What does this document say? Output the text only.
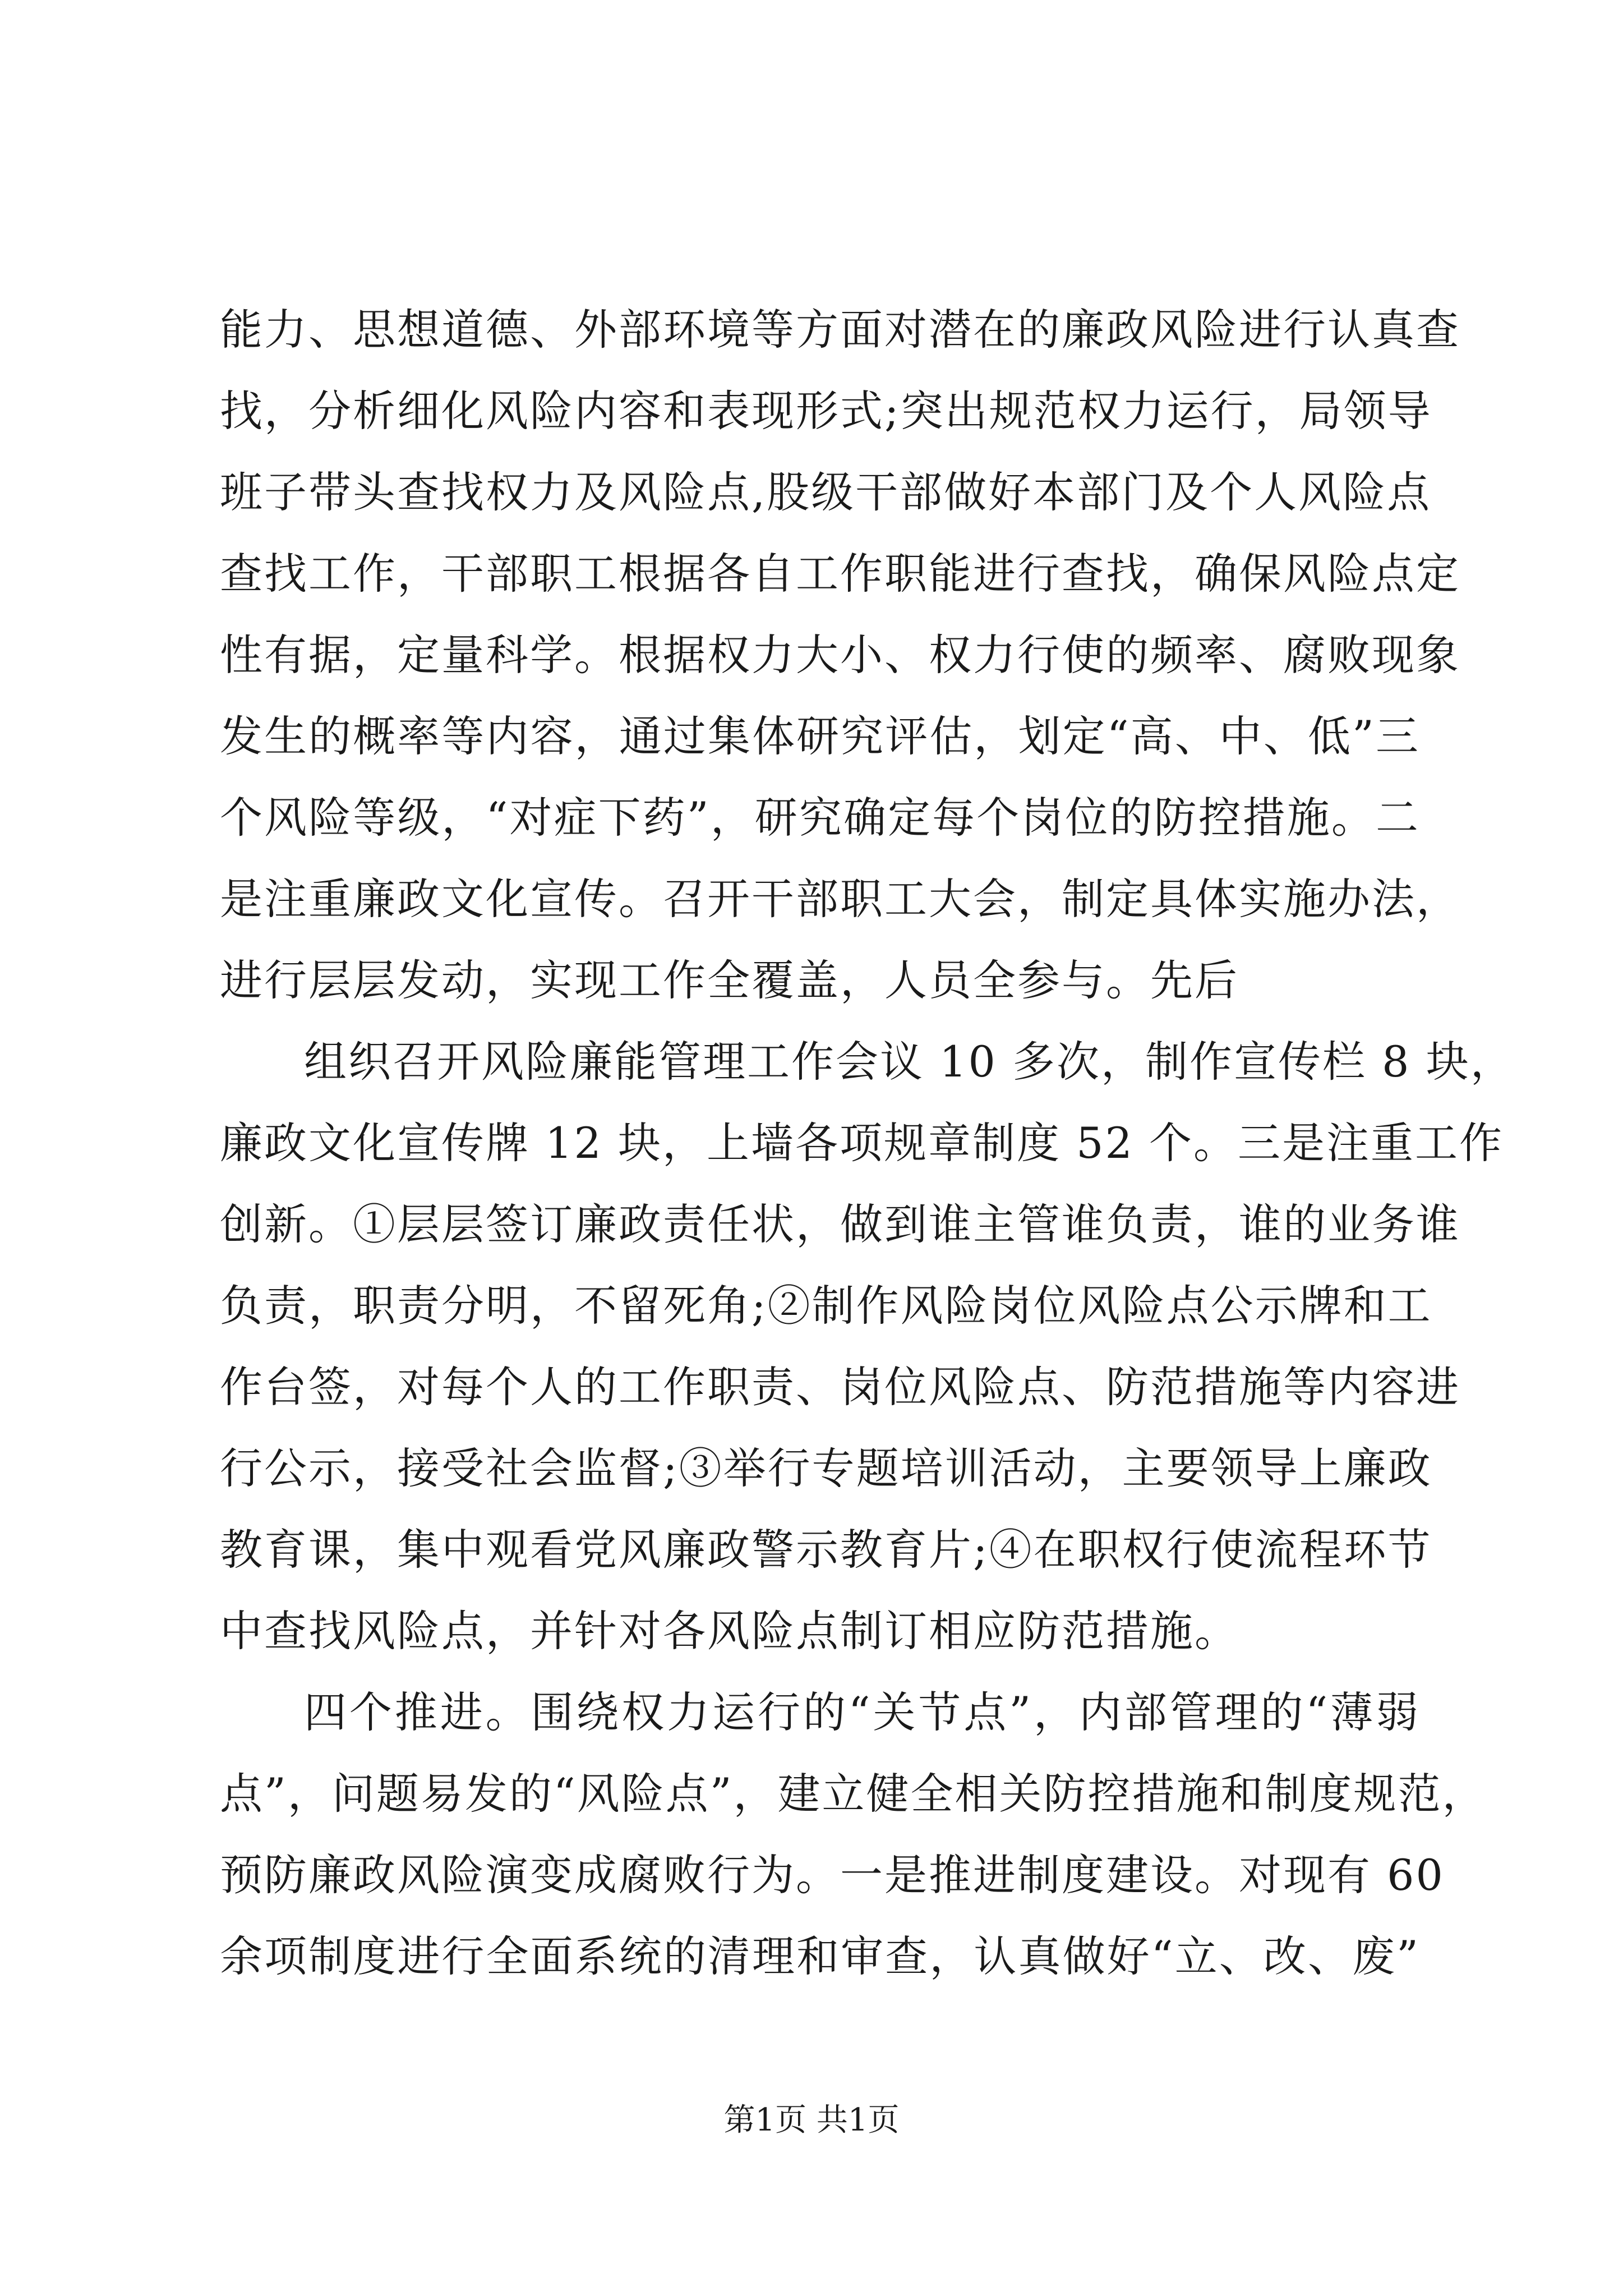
能力、思想道德、外部环境等方面对潜在的廉政风险进行认真查
找，分析细化风险内容和表现形式;突出规范权力运行，局领导
班子带头查找权力及风险点,股级干部做好本部门及个人风险点
查找工作，干部职工根据各自工作职能进行查找，确保风险点定
性有据，定量科学。根据权力大小、权力行使的频率、腐败现象
发生的概率等内容，通过集体研究评估，划定“高、中、低”三
个风险等级，“对症下药”，研究确定每个岗位的防控措施。二
是注重廉政文化宣传。召开干部职工大会，制定具体实施办法，
进行层层发动，实现工作全覆盖，人员全参与。先后
组织召开风险廉能管理工作会议 10 多次，制作宣传栏 8 块，
廉政文化宣传牌 12 块，上墙各项规章制度 52 个。三是注重工作
创新。①层层签订廉政责任状，做到谁主管谁负责，谁的业务谁
负责，职责分明，不留死角;②制作风险岗位风险点公示牌和工
作台签，对每个人的工作职责、岗位风险点、防范措施等内容进
行公示，接受社会监督;③举行专题培训活动，主要领导上廉政
教育课，集中观看党风廉政警示教育片;④在职权行使流程环节
中查找风险点，并针对各风险点制订相应防范措施。
四个推进。围绕权力运行的“关节点”，内部管理的“薄弱
点”，问题易发的“风险点”，建立健全相关防控措施和制度规范，
预防廉政风险演变成腐败行为。一是推进制度建设。对现有 60
余项制度进行全面系统的清理和审查，认真做好“立、改、废”
第1页 共1页
